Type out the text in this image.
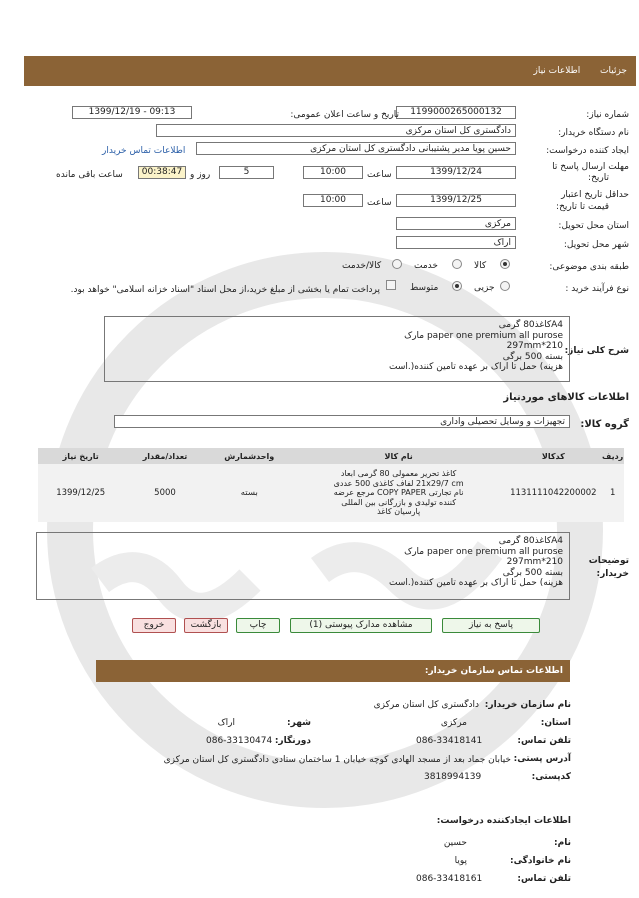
جزئیات  اطلاعات نیاز
شماره نیاز:
1199000265000132
تاریخ و ساعت اعلان عمومی:
1399/12/19 - 09:13
نام دستگاه خریدار:
دادگستری کل استان مرکزی
ایجاد کننده درخواست:
حسین پویا مدیر پشتیبانی دادگستری کل استان مرکزی
اطلاعات تماس خریدار
مهلت ارسال پاسخ تا
تاریخ:
1399/12/24
ساعت
10:00
5
روز و
00:38:47
ساعت باقی مانده
حداقل تاریخ اعتبار
قیمت تا تاریخ:
1399/12/25
ساعت
10:00
استان محل تحویل:
مرکزی
شهر محل تحویل:
اراک
طبقه بندی موضوعی:
کالا
خدمت
کالا/خدمت
نوع فرآیند خرید :
جزیی
متوسط
پرداخت تمام یا بخشی از مبلغ خرید،از محل اسناد "اسناد خزانه اسلامی" خواهد بود.
شرح کلی نیاز:
A4کاغذ80 گرمی
paper one premium all purose مارک
210*297mm
بسته 500 برگی
هزینه) حمل تا اراک بر عهده تامین کننده(.است
اطلاعات کالاهای موردنیاز
گروه کالا:
تجهیزات و وسایل تحصیلی واداری
ردیف	کدکالا	نام کالا	واحدشمارش	تعداد/مقدار	تاریخ نیاز
1	1131111042200002	کاغذ تحریر معمولی 80 گرمی ابعاد
21x29/7 cm لفاف کاغذی 500 عددی
نام تجارتی COPY PAPER مرجع عرضه
کننده تولیدی و بازرگانی بین المللی
پارسیان کاغذ	بسته	5000	1399/12/25
توضیحات
خریدار:
A4کاغذ80 گرمی
paper one premium all purose مارک
210*297mm
بسته 500 برگی
هزینه) حمل تا اراک بر عهده تامین کننده(.است
پاسخ به نیاز
مشاهده مدارک پیوستی (1)
چاپ
بازگشت
خروج
اطلاعات تماس سازمان خریدار:
نام سازمان خریدار:
دادگستری کل استان مرکزی
استان:
مرکزی
شهر:
اراک
تلفن تماس:
086-33418141
دورنگار:
086-33130474
آدرس پستی:
خیابان جماد بعد از مسجد الهادی کوچه خیابان 1 ساختمان ستادی دادگستری کل استان مرکزی
کدپستی:
3818994139
اطلاعات ایجادکننده درخواست:
نام:
حسین
نام خانوادگی:
پویا
تلفن تماس:
086-33418161
